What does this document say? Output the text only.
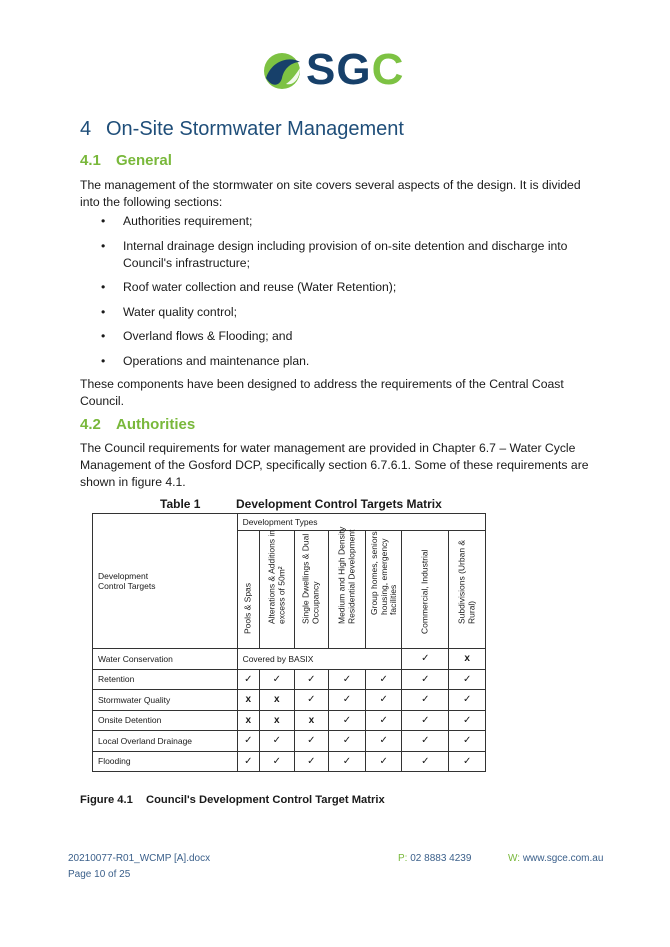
SGC
4 On-Site Stormwater Management
4.1 General
The management of the stormwater on site covers several aspects of the design. It is divided into the following sections:
• Authorities requirement;
• Internal drainage design including provision of on-site detention and discharge into Council's infrastructure;
• Roof water collection and reuse (Water Retention);
• Water quality control;
• Overland flows & Flooding; and
• Operations and maintenance plan.
These components have been designed to address the requirements of the Central Coast Council.
4.2 Authorities
The Council requirements for water management are provided in Chapter 6.7 – Water Cycle Management of the Gosford DCP, specifically section 6.7.6.1. Some of these requirements are shown in figure 4.1.
Table 1	Development Control Targets Matrix
Development Control Targets	Development Types						

	Pools & Spas	Alterations & Additions in excess of 50m²	Single Dwellings & Dual Occupancy	Medium and High Density Residential Development	Group homes, seniors housing, emergency facilities	Commercial, Industrial	Subdivisions (Urban & Rural)

Water Conservation	Covered by BASIX					✓	x
Retention	✓	✓	✓	✓	✓	✓	✓
Stormwater Quality	x	x	✓	✓	✓	✓	✓
Onsite Detention	x	x	x	✓	✓	✓	✓
Local Overland Drainage	✓	✓	✓	✓	✓	✓	✓
Flooding	✓	✓	✓	✓	✓	✓	✓
Figure 4.1 Council's Development Control Target Matrix
20210077-R01_WCMP [A].docx
Page 10 of 25
P: 02 8883 4239	W: www.sgce.com.au
